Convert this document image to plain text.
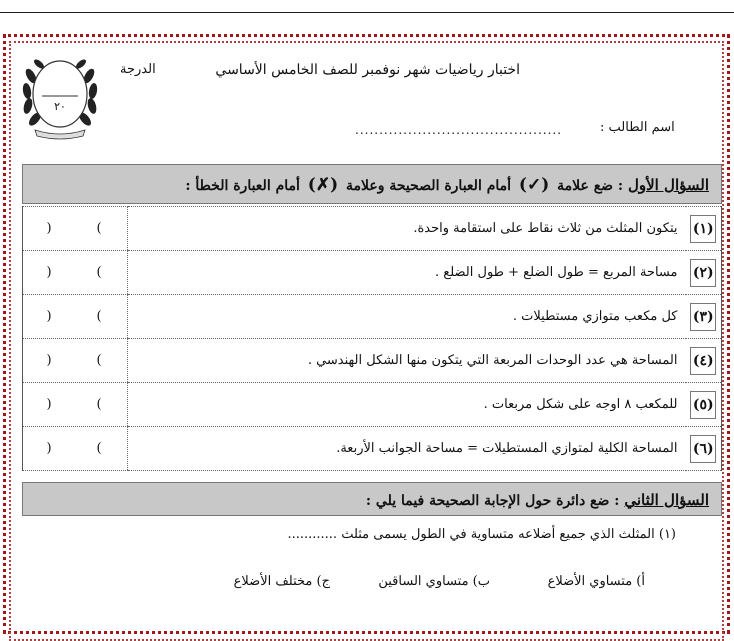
٢٠
اختبار رياضيات شهر نوفمبر للصف الخامس الأساسي
الدرجة
اسم الطالب :
...........................................
السؤال الأول : ضع علامة (✓) أمام العبارة الصحيحة وعلامة (✗) أمام العبارة الخطأ :
) (	يتكون المثلث من ثلاث نقاط على استقامة واحدة.	(١)
) (	مساحة المربع = طول الضلع + طول الضلع .	(٢)
) (	كل مكعب متوازي مستطيلات .	(٣)
) (	المساحة هي عدد الوحدات المربعة التي يتكون منها الشكل الهندسي .	(٤)
) (	للمكعب ٨ اوجه على شكل مربعات .	(٥)
) (	المساحة الكلية لمتوازي المستطيلات = مساحة الجوانب الأربعة.	(٦)
السؤال الثاني : ضع دائرة حول الإجابة الصحيحة فيما يلي :
(١) المثلث الذي جميع أضلاعه متساوية في الطول يسمى مثلث ............
أ) متساوي الأضلاع
ب) متساوي الساقين
ج) مختلف الأضلاع
